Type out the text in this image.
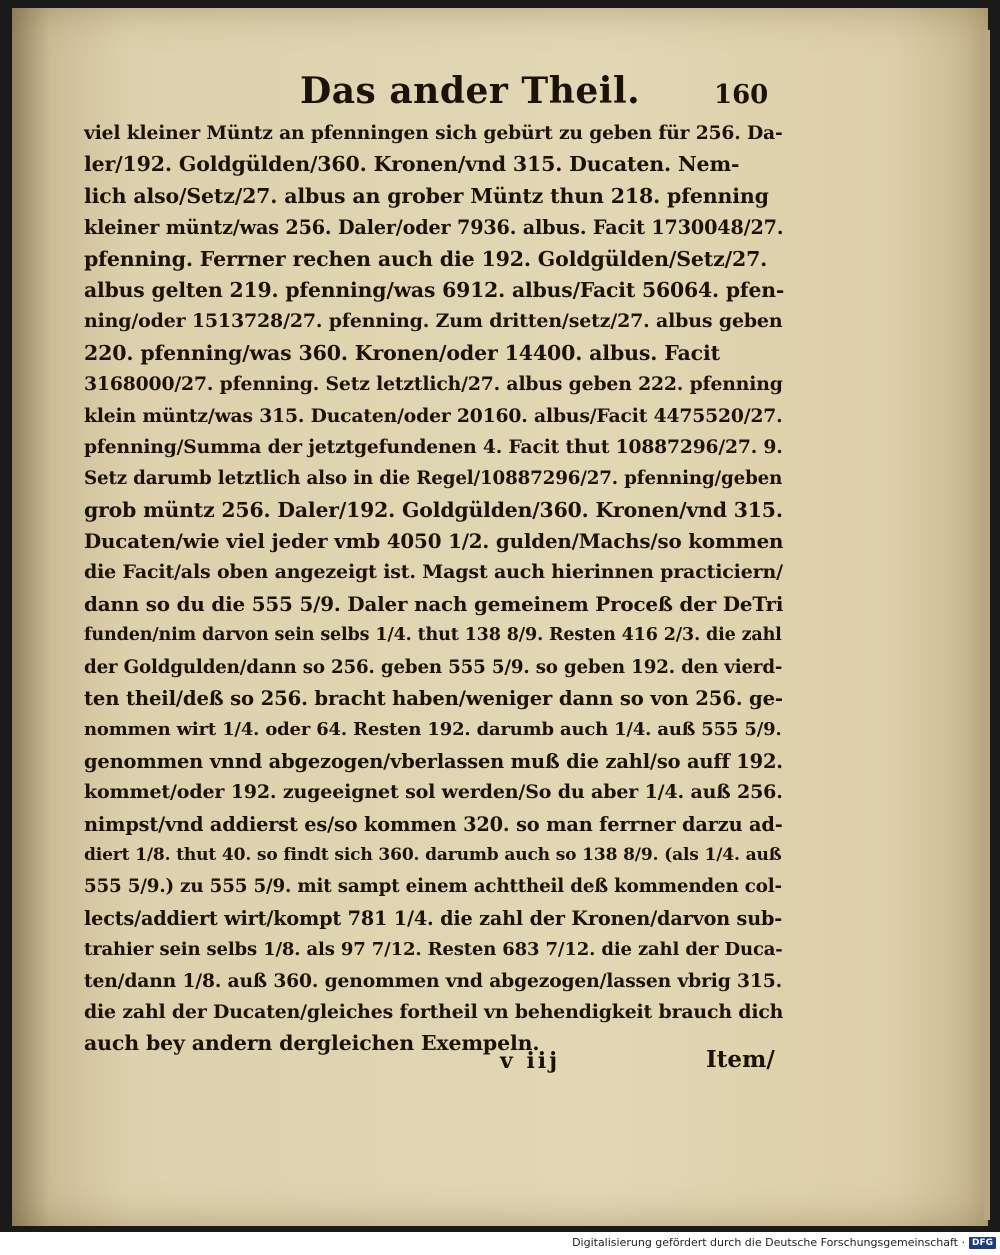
Das ander Theil.	160
viel kleiner Müntz an pfenningen sich gebürt zu geben für 256. Da-
ler/192. Goldgülden/360. Kronen/vnd 315. Ducaten. Nem-
lich also/Setz/27. albus an grober Müntz thun 218. pfenning
kleiner müntz/was 256. Daler/oder 7936. albus. Facit 1730048/27.
pfenning. Ferrner rechen auch die 192. Goldgülden/Setz/27.
albus gelten 219. pfenning/was 6912. albus/Facit 56064. pfen-
ning/oder 1513728/27. pfenning. Zum dritten/setz/27. albus geben
220. pfenning/was 360. Kronen/oder 14400. albus. Facit
3168000/27. pfenning. Setz letztlich/27. albus geben 222. pfenning
klein müntz/was 315. Ducaten/oder 20160. albus/Facit 4475520/27.
pfenning/Summa der jetztgefundenen 4. Facit thut 10887296/27. 9.
Setz darumb letztlich also in die Regel/10887296/27. pfenning/geben
grob müntz 256. Daler/192. Goldgülden/360. Kronen/vnd 315.
Ducaten/wie viel jeder vmb 4050 1/2. gulden/Machs/so kommen
die Facit/als oben angezeigt ist. Magst auch hierinnen practiciern/
dann so du die 555 5/9. Daler nach gemeinem Proceß der DeTri
funden/nim darvon sein selbs 1/4. thut 138 8/9. Resten 416 2/3. die zahl
der Goldgulden/dann so 256. geben 555 5/9. so geben 192. den vierd-
ten theil/deß so 256. bracht haben/weniger dann so von 256. ge-
nommen wirt 1/4. oder 64. Resten 192. darumb auch 1/4. auß 555 5/9.
genommen vnnd abgezogen/vberlassen muß die zahl/so auff 192.
kommet/oder 192. zugeeignet sol werden/So du aber 1/4. auß 256.
nimpst/vnd addierst es/so kommen 320. so man ferrner darzu ad-
diert 1/8. thut 40. so findt sich 360. darumb auch so 138 8/9. (als 1/4. auß
555 5/9.) zu 555 5/9. mit sampt einem achttheil deß kommenden col-
lects/addiert wirt/kompt 781 1/4. die zahl der Kronen/darvon sub-
trahier sein selbs 1/8. als 97 7/12. Resten 683 7/12. die zahl der Duca-
ten/dann 1/8. auß 360. genommen vnd abgezogen/lassen vbrig 315.
die zahl der Ducaten/gleiches fortheil vn behendigkeit brauch dich
auch bey andern dergleichen Exempeln.
v iij	Item/
Digitalisierung gefördert durch die Deutsche Forschungsgemeinschaft · DFG
